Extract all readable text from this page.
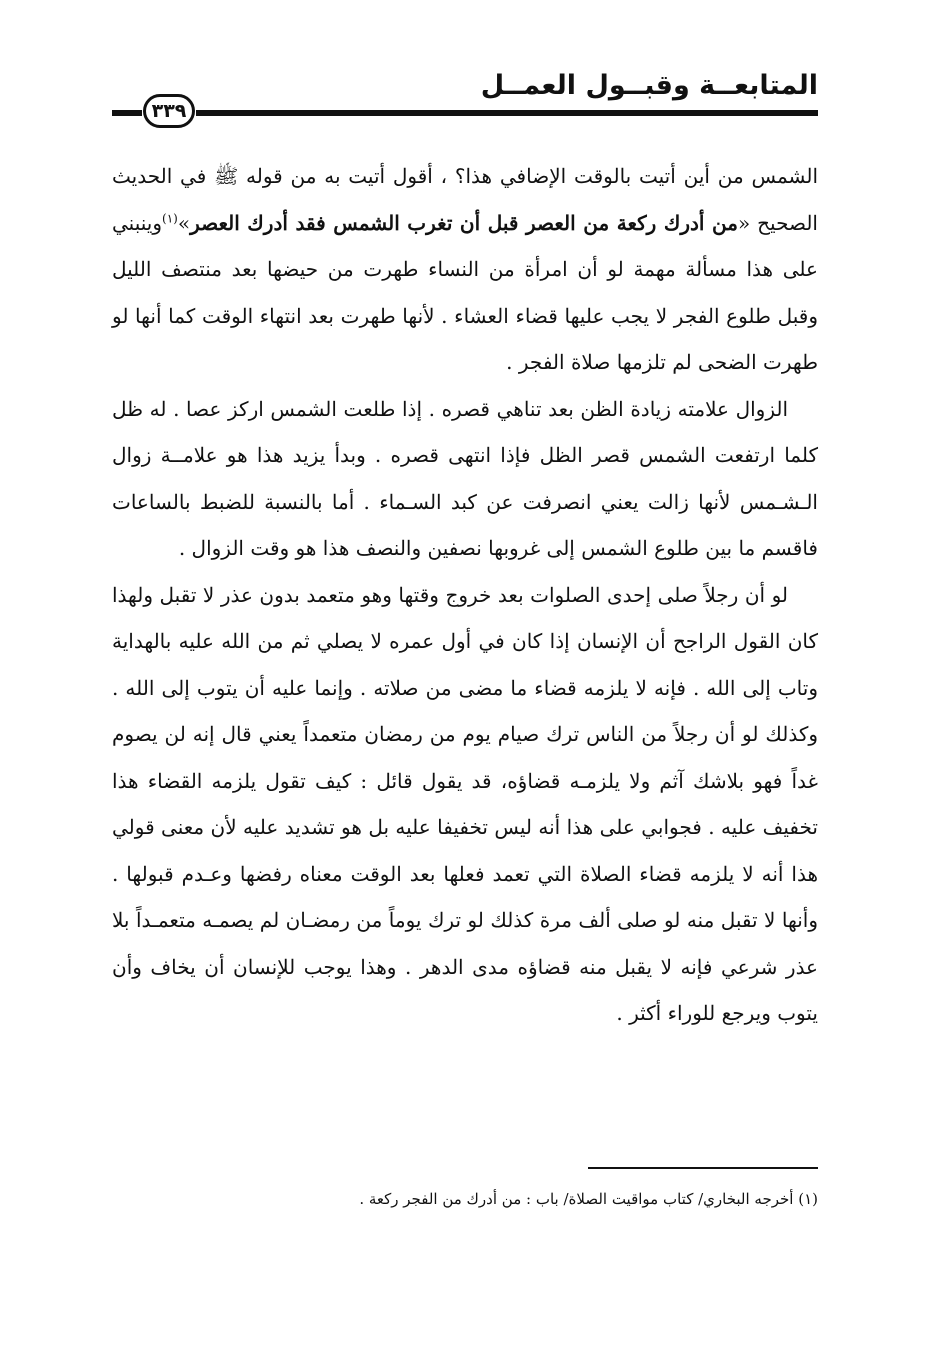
المتابعــة وقبــول العمــل
٣٣٩

الشمس من أين أتيت بالوقت الإضافي هذا؟ ، أقول أتيت به من قوله ﷺ في الحديث الصحيح «من أدرك ركعة من العصر قبل أن تغرب الشمس فقد أدرك العصر»$^{(١)}$وينبني على هذا مسألة مهمة لو أن امرأة من النساء طهرت من حيضها بعد منتصف الليل وقبل طلوع الفجر لا يجب عليها قضاء العشاء . لأنها طهرت بعد انتهاء الوقت كما أنها لو طهرت الضحى لم تلزمها صلاة الفجر .

الزوال علامته زيادة الظن بعد تناهي قصره . إذا طلعت الشمس اركز عصا . له ظل كلما ارتفعت الشمس قصر الظل فإذا انتهى قصره . وبدأ يزيد هذا هو علامــة زوال الـشـمس لأنها زالت يعني انصرفت عن كبد السـماء . أما بالنسبة للضبط بالساعات فاقسم ما بين طلوع الشمس إلى غروبها نصفين والنصف هذا هو وقت الزوال .

لو أن رجلاً صلى إحدى الصلوات بعد خروج وقتها وهو متعمد بدون عذر لا تقبل ولهذا كان القول الراجح أن الإنسان إذا كان في أول عمره لا يصلي ثم من الله عليه بالهداية وتاب إلى الله . فإنه لا يلزمه قضاء ما مضى من صلاته . وإنما عليه أن يتوب إلى الله . وكذلك لو أن رجلاً من الناس ترك صيام يوم من رمضان متعمداً يعني قال إنه لن يصوم غداً فهو بلاشك آثم ولا يلزمـه قضاؤه، قد يقول قائل : كيف تقول يلزمه القضاء هذا تخفيف عليه . فجوابي على هذا أنه ليس تخفيفا عليه بل هو تشديد عليه لأن معنى قولي هذا أنه لا يلزمه قضاء الصلاة التي تعمد فعلها بعد الوقت معناه رفضها وعـدم قبولها . وأنها لا تقبل منه لو صلى ألف مرة كذلك لو ترك يوماً من رمضـان لم يصمـه متعمـداً بلا عذر شرعي فإنه لا يقبل منه قضاؤه مدى الدهر . وهذا يوجب للإنسان أن يخاف وأن يتوب ويرجع للوراء أكثر .

(١) أخرجه البخاري/ كتاب مواقيت الصلاة/ باب : من أدرك من الفجر ركعة .
